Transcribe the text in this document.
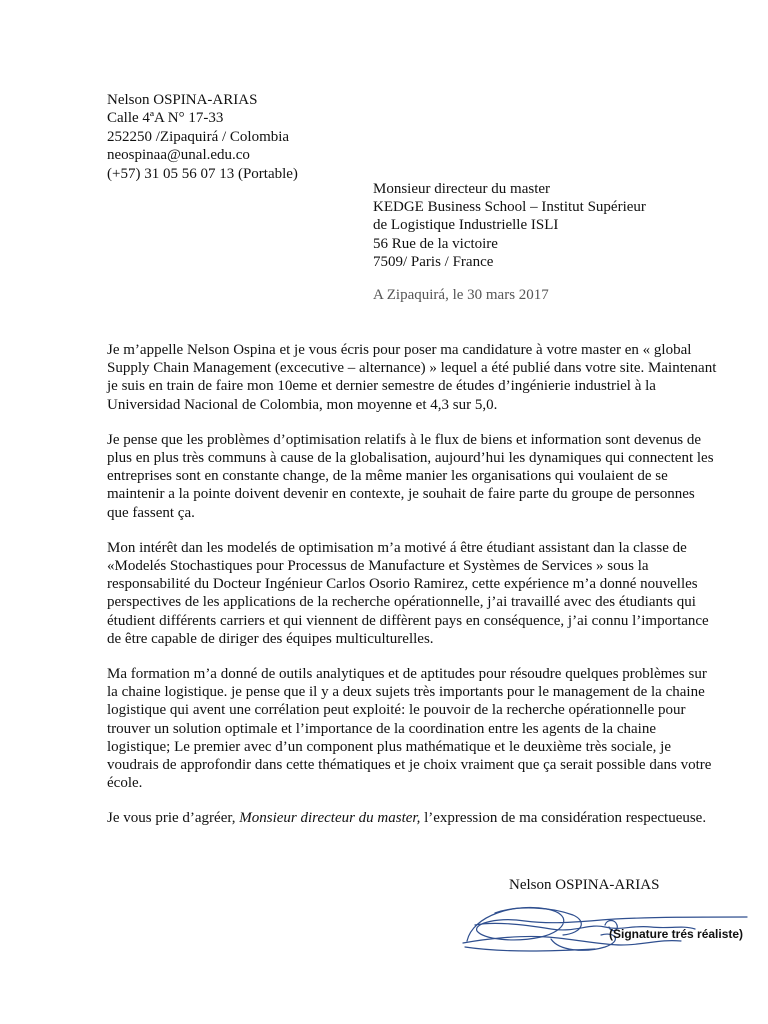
Nelson OSPINA-ARIAS
Calle 4ªA N° 17-33
252250 /Zipaquirá / Colombia
neospinaa@unal.edu.co
(+57) 31 05 56 07 13 (Portable)
Monsieur directeur du master
KEDGE Business School – Institut Supérieur
de Logistique Industrielle ISLI
56 Rue de la victoire
7509/ Paris / France
A Zipaquirá, le 30 mars 2017

Je m’appelle Nelson Ospina et je vous écris pour poser ma candidature à votre master en « global Supply Chain Management (excecutive – alternance) » lequel a été publié dans votre site. Maintenant je suis en train de faire mon 10eme et dernier semestre de études d’ingénierie industriel à la Universidad Nacional de Colombia, mon moyenne et 4,3 sur 5,0.

Je pense que les problèmes d’optimisation relatifs à le flux de biens et information sont devenus de plus en plus très communs à cause de la globalisation, aujourd’hui les dynamiques qui connectent les entreprises sont en constante change, de la même manier les organisations qui voulaient de se maintenir a la pointe doivent devenir en contexte, je souhait de faire parte du groupe de personnes que fassent ça.

Mon intérêt dan les modelés de optimisation m’a motivé á être étudiant assistant dan la classe de «Modelés Stochastiques pour Processus de Manufacture et Systèmes de Services » sous la responsabilité du Docteur Ingénieur Carlos Osorio Ramirez, cette expérience m’a donné nouvelles perspectives de les applications de la recherche opérationnelle, j’ai travaillé avec des étudiants qui étudient différents carriers et qui viennent de diffèrent pays en conséquence, j’ai connu l’importance de être capable de diriger des équipes multiculturelles.

Ma formation m’a donné de outils analytiques et de aptitudes pour résoudre quelques problèmes sur la chaine logistique. je pense que il y a deux sujets très importants pour le management de la chaine logistique qui avent une corrélation peut exploité: le pouvoir de la recherche opérationnelle pour trouver un solution optimale et l’importance de la coordination entre les agents de la chaine logistique; Le premier avec d’un component plus mathématique et le deuxième très sociale, je voudrais de approfondir dans cette thématiques et je choix vraiment que ça serait possible dans votre école.

Je vous prie d’agréer, Monsieur directeur du master, l’expression de ma considération respectueuse.

Nelson OSPINA-ARIAS
(Signature trés réaliste)
